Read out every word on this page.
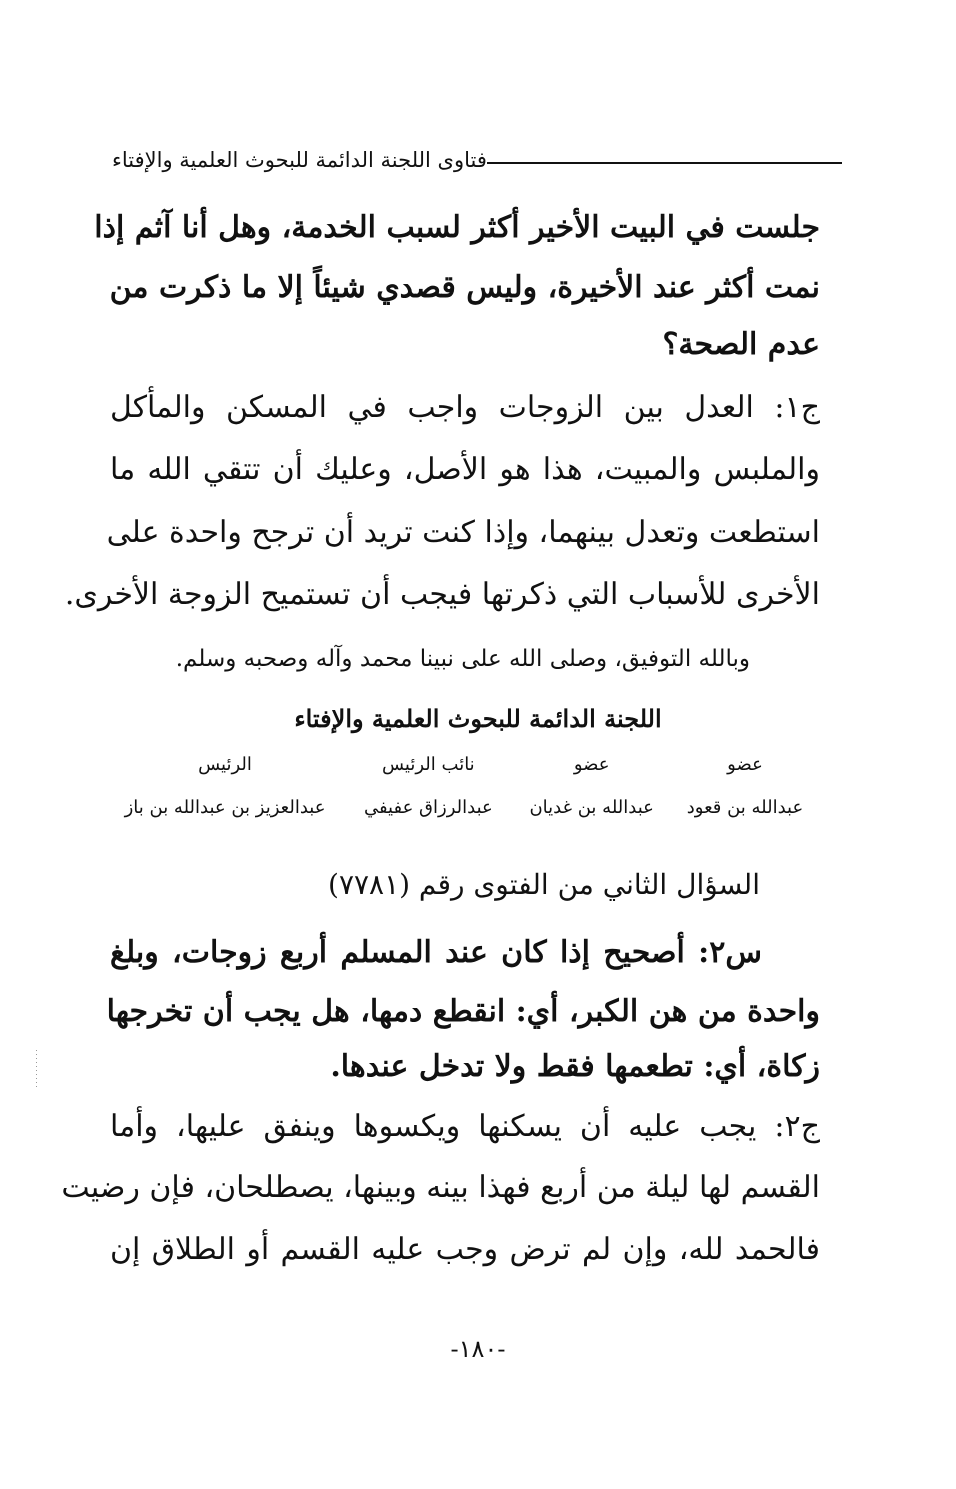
فتاوى اللجنة الدائمة للبحوث العلمية والإفتاء
جلست في البيت الأخير أكثر لسبب الخدمة، وهل أنا آثم إذا
نمت أكثر عند الأخيرة، وليس قصدي شيئاً إلا ما ذكرت من
عدم الصحة؟
ج١: العدل بين الزوجات واجب في المسكن والمأكل
والملبس والمبيت، هذا هو الأصل، وعليك أن تتقي الله ما
استطعت وتعدل بينهما، وإذا كنت تريد أن ترجح واحدة على
الأخرى للأسباب التي ذكرتها فيجب أن تستميح الزوجة الأخرى.
وبالله التوفيق، وصلى الله على نبينا محمد وآله وصحبه وسلم.
اللجنة الدائمة للبحوث العلمية والإفتاء
عضو
عضو
نائب الرئيس
الرئيس
عبدالله بن قعود
عبدالله بن غديان
عبدالرزاق عفيفي
عبدالعزيز بن عبدالله بن باز
السؤال الثاني من الفتوى رقم (٧٧٨١)
س٢: أصحيح إذا كان عند المسلم أربع زوجات، وبلغ
واحدة من هن الكبر، أي: انقطع دمها، هل يجب أن تخرجها
زكاة، أي: تطعمها فقط ولا تدخل عندها.
ج٢: يجب عليه أن يسكنها ويكسوها وينفق عليها، وأما
القسم لها ليلة من أربع فهذا بينه وبينها، يصطلحان، فإن رضيت
فالحمد لله، وإن لم ترض وجب عليه القسم أو الطلاق إن
-١٨٠-
